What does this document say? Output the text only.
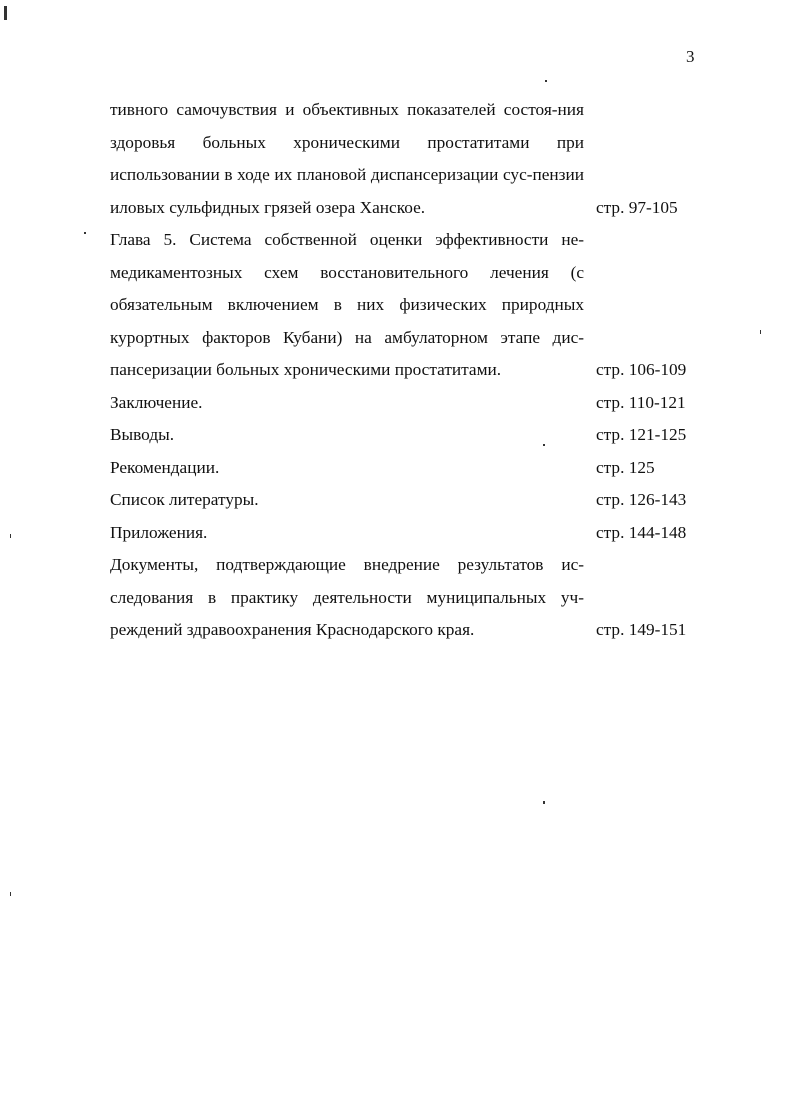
3
тивного самочувствия и объективных показателей состоя-ния здоровья больных хроническими простатитами при использовании в ходе их плановой диспансеризации сус-пензии иловых сульфидных грязей озера Ханское.	стр. 97-105
Глава 5. Система собственной оценки эффективности не-медикаментозных схем восстановительного лечения (с обязательным включением в них физических природных курортных факторов Кубани) на амбулаторном этапе дис-пансеризации больных хроническими простатитами.	стр. 106-109
Заключение.	стр. 110-121
Выводы.	стр. 121-125
Рекомендации.	стр. 125
Список литературы.	стр. 126-143
Приложения.	стр. 144-148
Документы, подтверждающие внедрение результатов ис-следования в практику деятельности муниципальных уч-реждений здравоохранения Краснодарского края.	стр. 149-151
